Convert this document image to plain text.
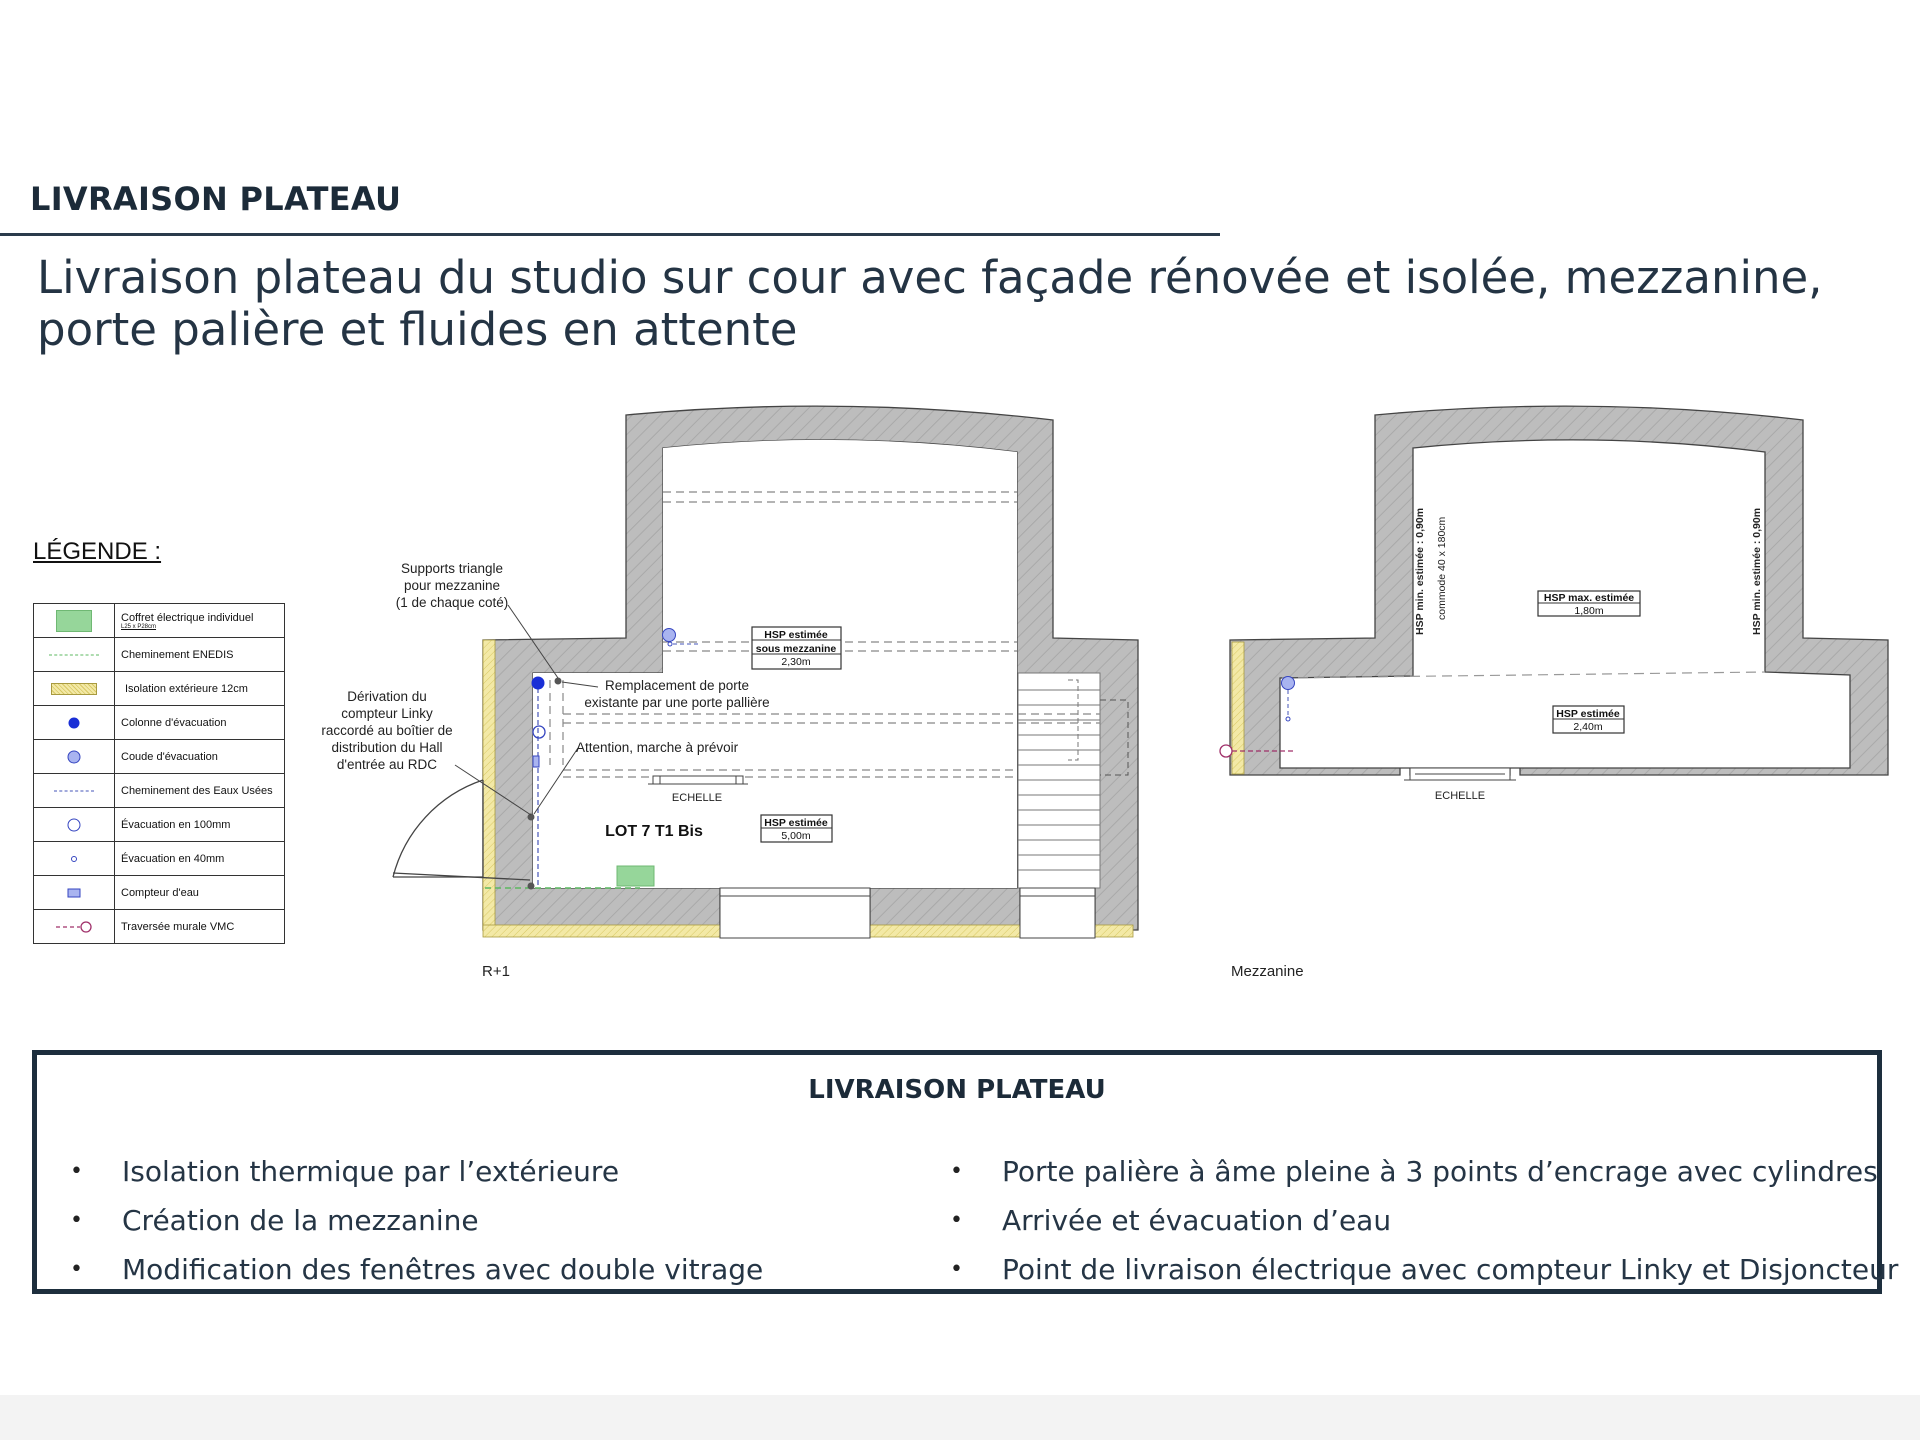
LIVRAISON PLATEAU
Livraison plateau du studio sur cour avec façade rénovée et isolée, mezzanine, porte palière et fluides en attente
LÉGENDE :

	Coffret électrique individuel
L25 x P28cm

	Cheminement ENEDIS

	Isolation extérieure 12cm

	Colonne d'évacuation

	Coude d'évacuation

	Cheminement des Eaux Usées

	Évacuation en 100mm

	Évacuation en 40mm

	Compteur d'eau

	Traversée murale VMC
ECHELLE
HSP estimée
sous mezzanine
2,30m
HSP estimée
5,00m
LOT 7 T1 Bis
Supports triangle
pour mezzanine
(1 de chaque coté)
Dérivation du
compteur Linky
raccordé au boîtier de
distribution du Hall
d'entrée au RDC
Remplacement de porte
existante par une porte pallière
Attention, marche à prévoir
R+1
ECHELLE
HSP max. estimée
1,80m
HSP estimée
2,40m
HSP min. estimée : 0,90m commode 40 x 180cm	HSP min. estimée : 0,90m
Mezzanine
LIVRAISON PLATEAU
• Isolation thermique par l’extérieure
• Création de la mezzanine
• Modification des fenêtres avec double vitrage
• Porte palière à âme pleine à 3 points d’encrage avec cylindres
• Arrivée et évacuation d’eau
• Point de livraison électrique avec compteur Linky et Disjoncteur
